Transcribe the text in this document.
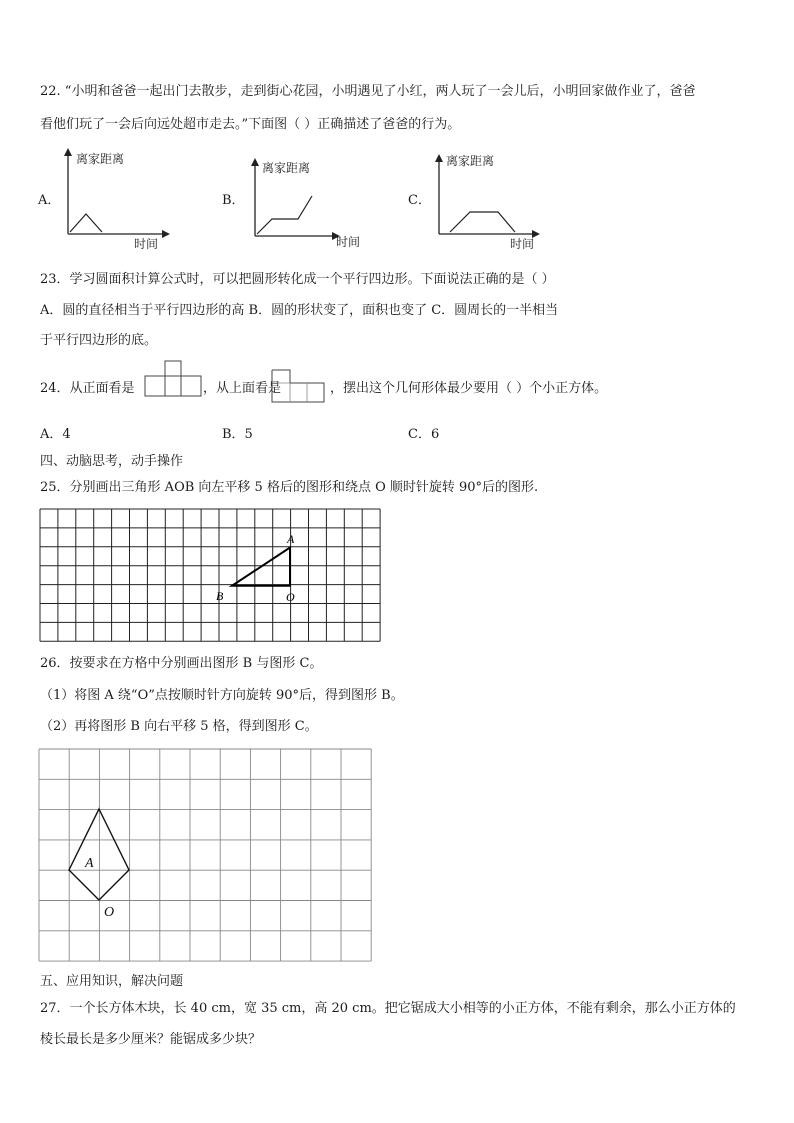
22. “小明和爸爸一起出门去散步，走到街心花园，小明遇见了小红，两人玩了一会儿后，小明回家做作业了，爸爸
看他们玩了一会后向远处超市走去。”下面图（ ）正确描述了爸爸的行为。
A．
离家距离
时间
B．
离家距离
时间
C．
离家距离
时间
23．学习圆面积计算公式时，可以把圆形转化成一个平行四边形。下面说法正确的是（ ）
A．圆的直径相当于平行四边形的高 B．圆的形状变了，面积也变了 C．圆周长的一半相当
于平行四边形的底。
24．从正面看是	，从上面看是	，摆出这个几何形体最少要用（ ）个小正方体。
A．4	B．5	C．6
四、动脑思考，动手操作
25．分别画出三角形 AOB 向左平移 5 格后的图形和绕点 O 顺时针旋转 90°后的图形.
A
B	O
26．按要求在方格中分别画出图形 B 与图形 C。
（1）将图 A 绕“O”点按顺时针方向旋转 90°后，得到图形 B。
（2）再将图形 B 向右平移 5 格，得到图形 C。
A
O
五、应用知识，解决问题
27．一个长方体木块，长 40 cm，宽 35 cm，高 20 cm。把它锯成大小相等的小正方体，不能有剩余，那么小正方体的
棱长最长是多少厘米？能锯成多少块？
